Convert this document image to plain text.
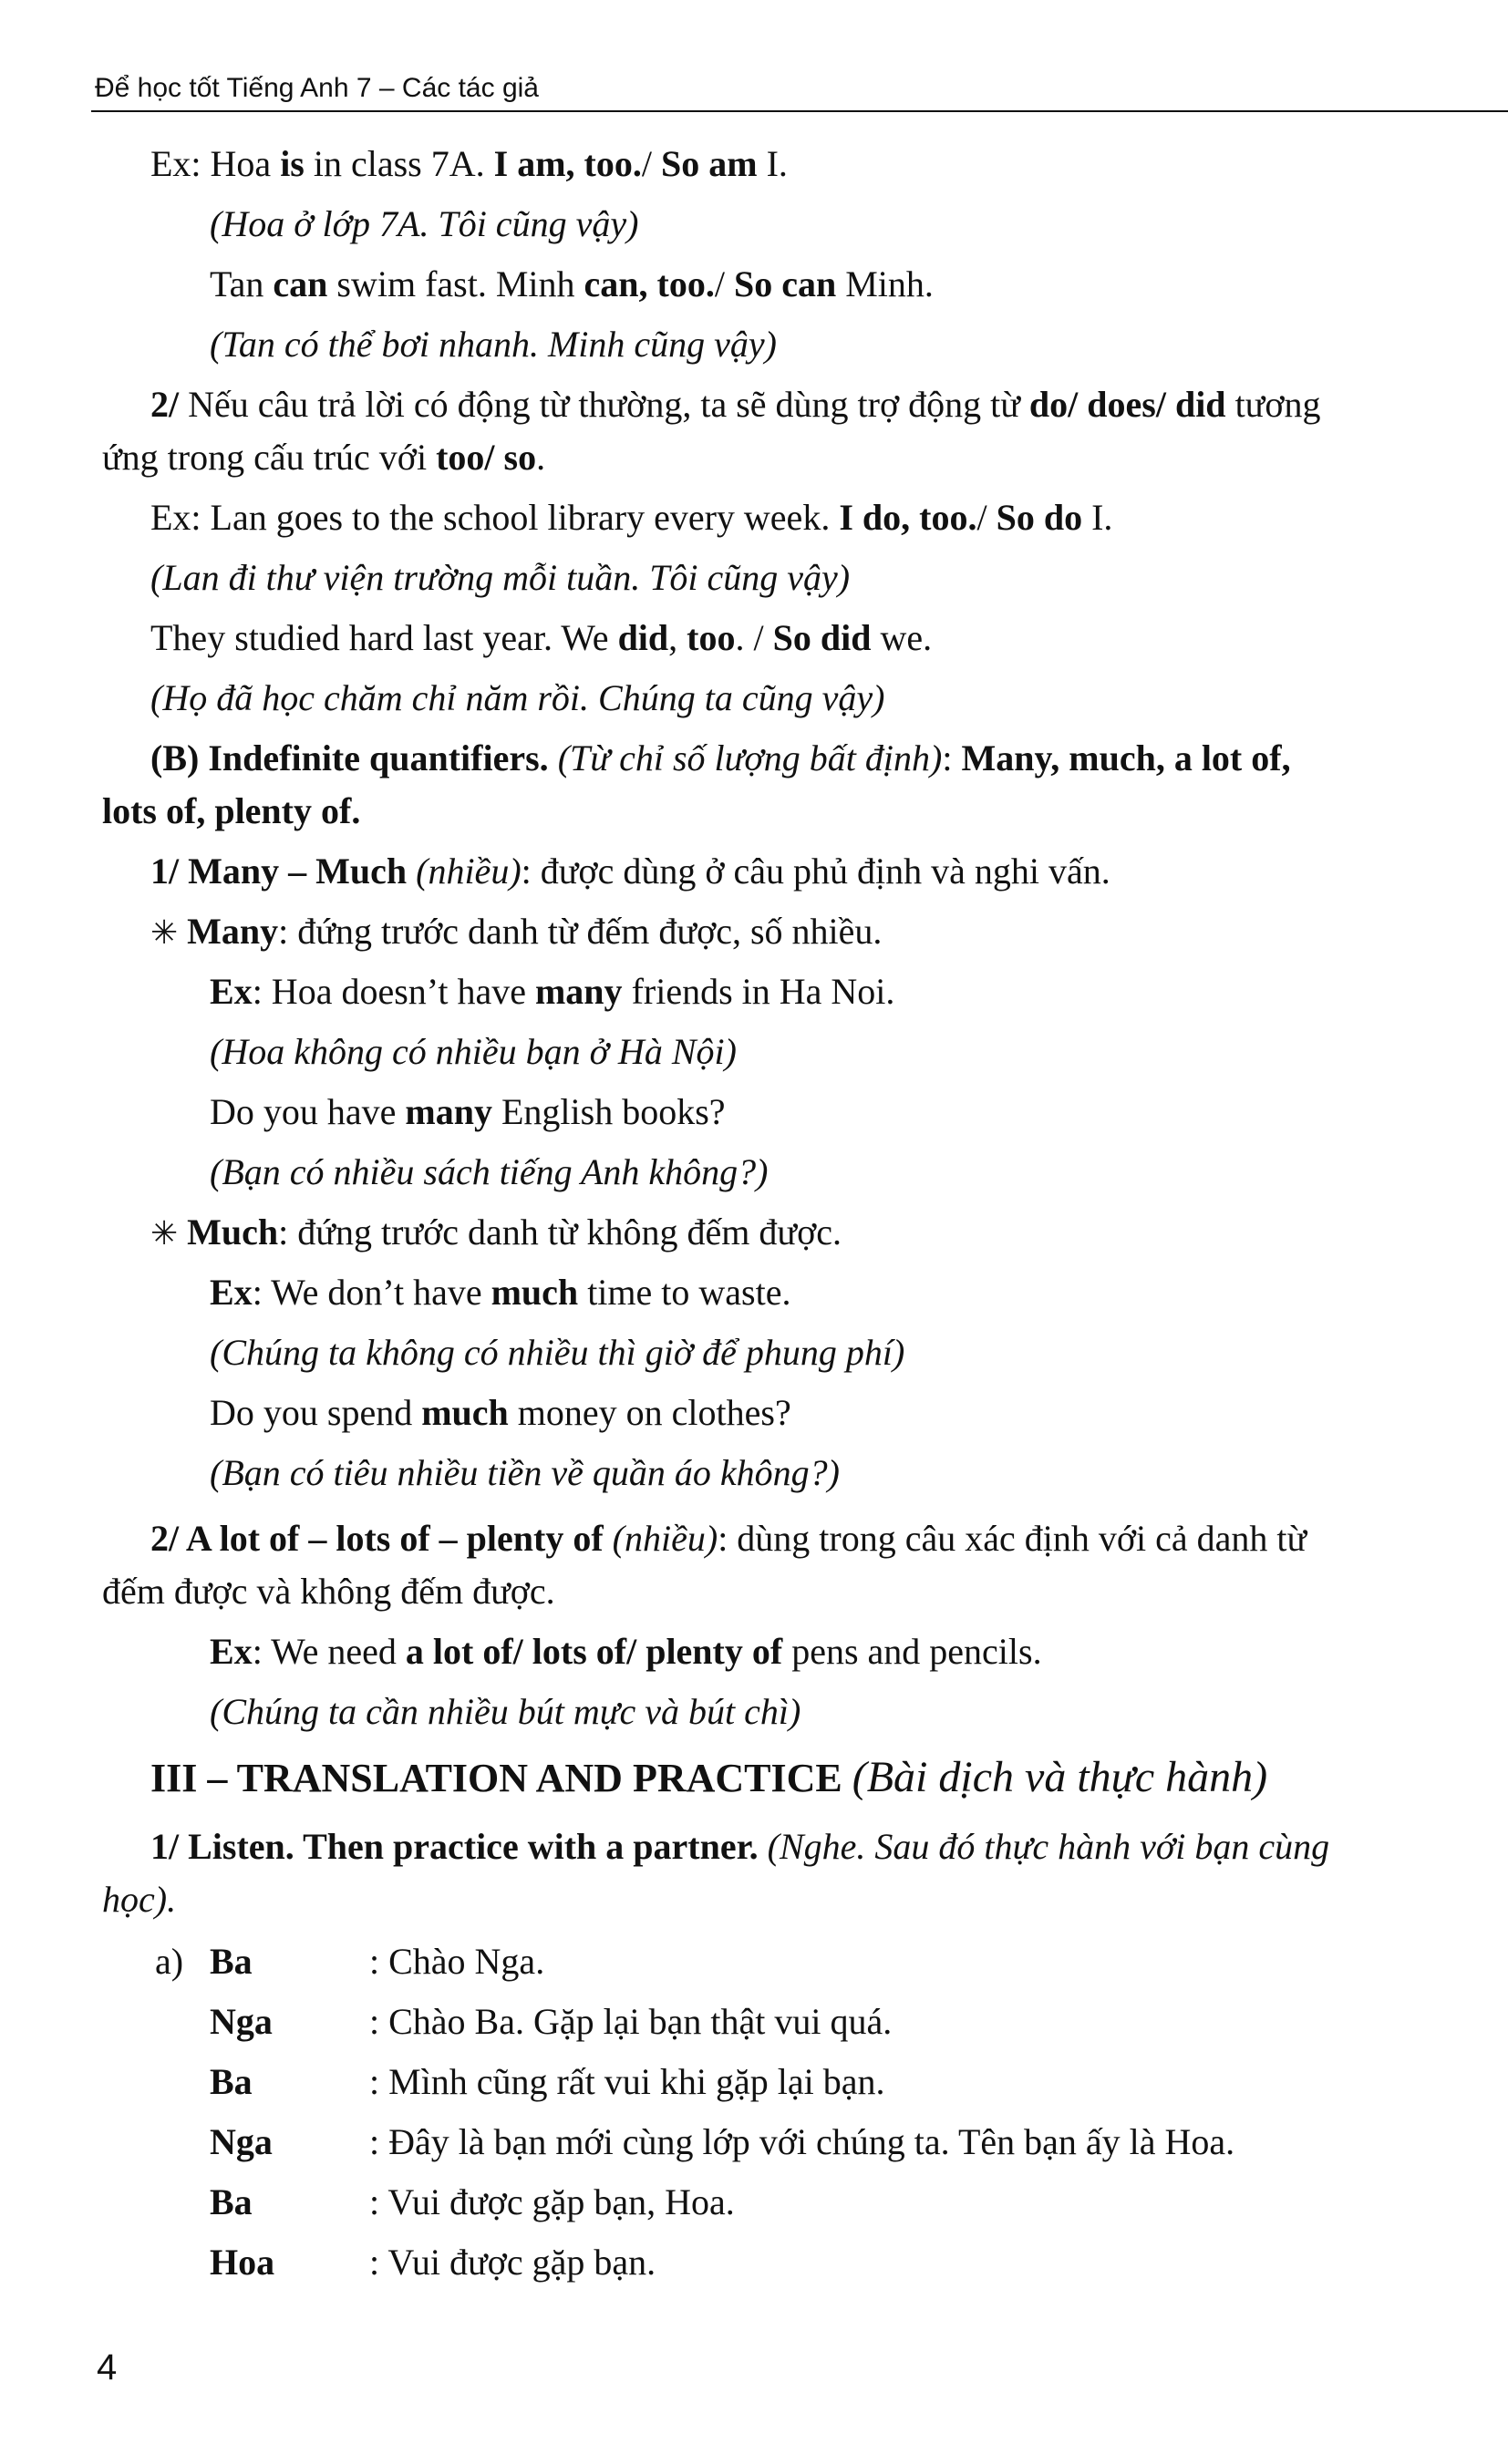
Để học tốt Tiếng Anh 7 – Các tác giả
Ex: Hoa is in class 7A. I am, too./ So am I.
(Hoa ở lớp 7A. Tôi cũng vậy)
Tan can swim fast. Minh can, too./ So can Minh.
(Tan có thể bơi nhanh. Minh cũng vậy)
2/ Nếu câu trả lời có động từ thường, ta sẽ dùng trợ động từ do/ does/ did tương
ứng trong cấu trúc với too/ so.
Ex: Lan goes to the school library every week. I do, too./ So do I.
(Lan đi thư viện trường mỗi tuần. Tôi cũng vậy)
They studied hard last year. We did, too. / So did we.
(Họ đã học chăm chỉ năm rồi. Chúng ta cũng vậy)
(B) Indefinite quantifiers. (Từ chỉ số lượng bất định): Many, much, a lot of,
lots of, plenty of.
1/ Many – Much (nhiều): được dùng ở câu phủ định và nghi vấn.
✳ Many: đứng trước danh từ đếm được, số nhiều.
Ex: Hoa doesn’t have many friends in Ha Noi.
(Hoa không có nhiều bạn ở Hà Nội)
Do you have many English books?
(Bạn có nhiều sách tiếng Anh không?)
✳ Much: đứng trước danh từ không đếm được.
Ex: We don’t have much time to waste.
(Chúng ta không có nhiều thì giờ để phung phí)
Do you spend much money on clothes?
(Bạn có tiêu nhiều tiền về quần áo không?)
2/ A lot of – lots of – plenty of (nhiều): dùng trong câu xác định với cả danh từ
đếm được và không đếm được.
Ex: We need a lot of/ lots of/ plenty of pens and pencils.
(Chúng ta cần nhiều bút mực và bút chì)
III – TRANSLATION AND PRACTICE (Bài dịch và thực hành)
1/ Listen. Then practice with a partner. (Nghe. Sau đó thực hành với bạn cùng
học).
a) Ba	: Chào Nga.
Nga	: Chào Ba. Gặp lại bạn thật vui quá.
Ba	: Mình cũng rất vui khi gặp lại bạn.
Nga	: Đây là bạn mới cùng lớp với chúng ta. Tên bạn ấy là Hoa.
Ba	: Vui được gặp bạn, Hoa.
Hoa	: Vui được gặp bạn.
4
